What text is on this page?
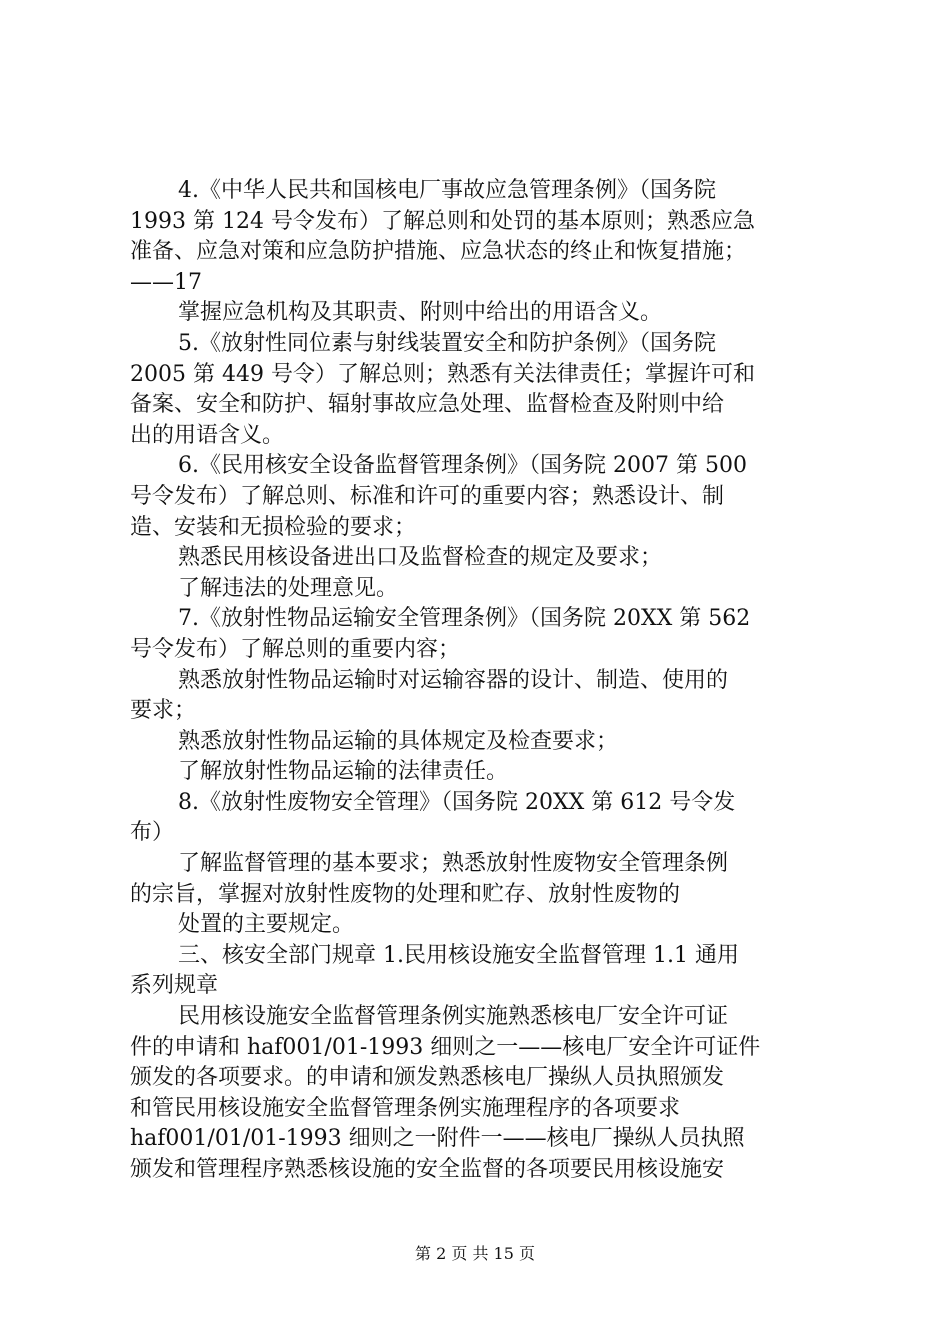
4.《中华人民共和国核电厂事故应急管理条例》（国务院
1993 第 124 号令发布）了解总则和处罚的基本原则；熟悉应急
准备、应急对策和应急防护措施、应急状态的终止和恢复措施；
——17
掌握应急机构及其职责、附则中给出的用语含义。
5.《放射性同位素与射线装置安全和防护条例》（国务院
2005 第 449 号令）了解总则；熟悉有关法律责任；掌握许可和
备案、安全和防护、辐射事故应急处理、监督检查及附则中给
出的用语含义。
6.《民用核安全设备监督管理条例》（国务院 2007 第 500
号令发布）了解总则、标准和许可的重要内容；熟悉设计、制
造、安装和无损检验的要求；
熟悉民用核设备进出口及监督检查的规定及要求；
了解违法的处理意见。
7.《放射性物品运输安全管理条例》（国务院 20XX 第 562
号令发布）了解总则的重要内容；
熟悉放射性物品运输时对运输容器的设计、制造、使用的
要求；
熟悉放射性物品运输的具体规定及检查要求；
了解放射性物品运输的法律责任。
8.《放射性废物安全管理》（国务院 20XX 第 612 号令发
布）
了解监督管理的基本要求；熟悉放射性废物安全管理条例
的宗旨，掌握对放射性废物的处理和贮存、放射性废物的
处置的主要规定。
三、核安全部门规章 1.民用核设施安全监督管理 1.1 通用
系列规章
民用核设施安全监督管理条例实施熟悉核电厂安全许可证
件的申请和 haf001/01-1993 细则之一——核电厂安全许可证件
颁发的各项要求。的申请和颁发熟悉核电厂操纵人员执照颁发
和管民用核设施安全监督管理条例实施理程序的各项要求
haf001/01/01-1993 细则之一附件一——核电厂操纵人员执照
颁发和管理程序熟悉核设施的安全监督的各项要民用核设施安
第 2 页 共 15 页
